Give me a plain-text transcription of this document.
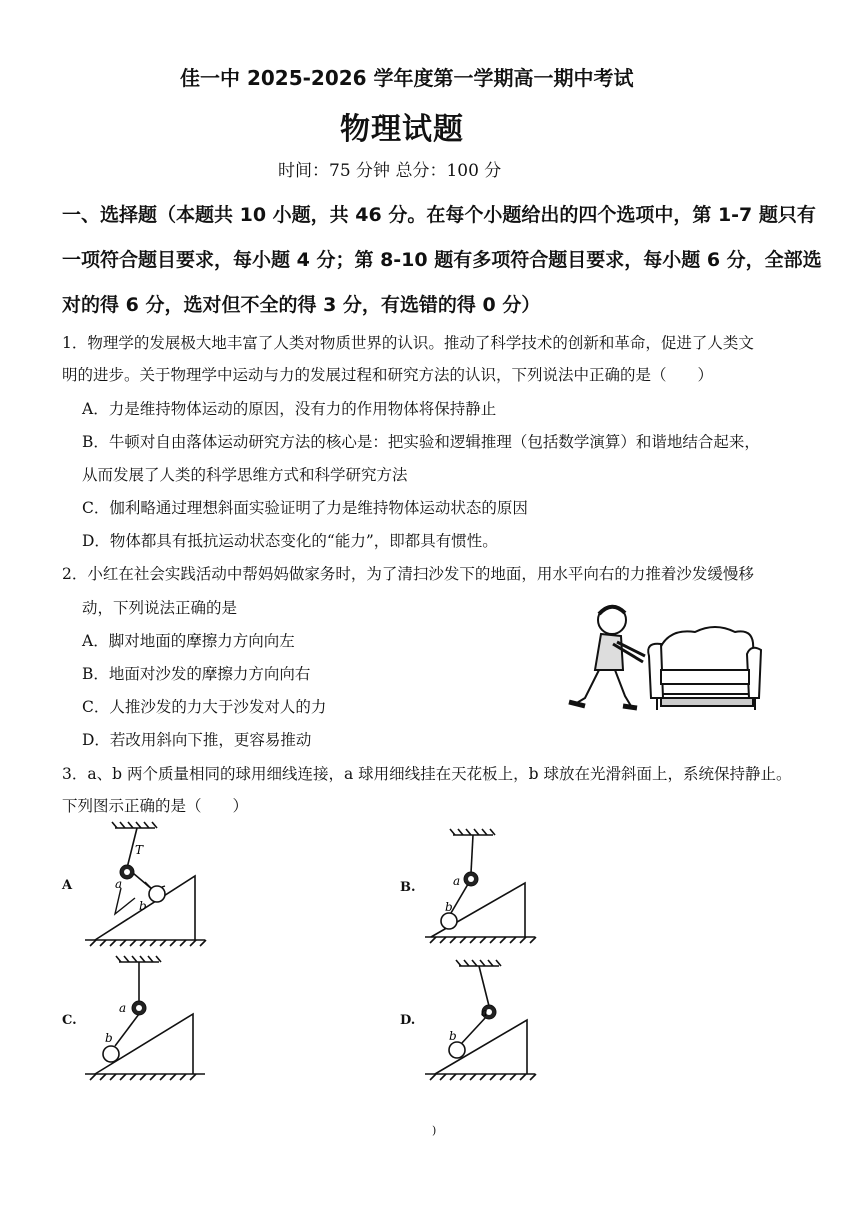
佳一中 2025-2026 学年度第一学期高一期中考试
物理试题
时间：75 分钟 总分：100 分
一、选择题（本题共 10 小题，共 46 分。在每个小题给出的四个选项中，第 1-7 题只有
一项符合题目要求，每小题 4 分；第 8-10 题有多项符合题目要求，每小题 6 分，全部选
对的得 6 分，选对但不全的得 3 分，有选错的得 0 分）
1．物理学的发展极大地丰富了人类对物质世界的认识。推动了科学技术的创新和革命，促进了人类文
明的进步。关于物理学中运动与力的发展过程和研究方法的认识，下列说法中正确的是（　　）
A．力是维持物体运动的原因，没有力的作用物体将保持静止
B．牛顿对自由落体运动研究方法的核心是：把实验和逻辑推理（包括数学演算）和谐地结合起来，
从而发展了人类的科学思维方式和科学研究方法
C．伽利略通过理想斜面实验证明了力是维持物体运动状态的原因
D．物体都具有抵抗运动状态变化的“能力”，即都具有惯性。
2．小红在社会实践活动中帮妈妈做家务时，为了清扫沙发下的地面，用水平向右的力推着沙发缓慢移
动，下列说法正确的是
A．脚对地面的摩擦力方向向左
B．地面对沙发的摩擦力方向向右
C．人推沙发的力大于沙发对人的力
D．若改用斜向下推，更容易推动
3．a、b 两个质量相同的球用细线连接，a 球用细线挂在天花板上，b 球放在光滑斜面上，系统保持静止。
下列图示正确的是（　　）
A
T
a
b
B.	a
b
C.
a
b
D.
a
b
)
